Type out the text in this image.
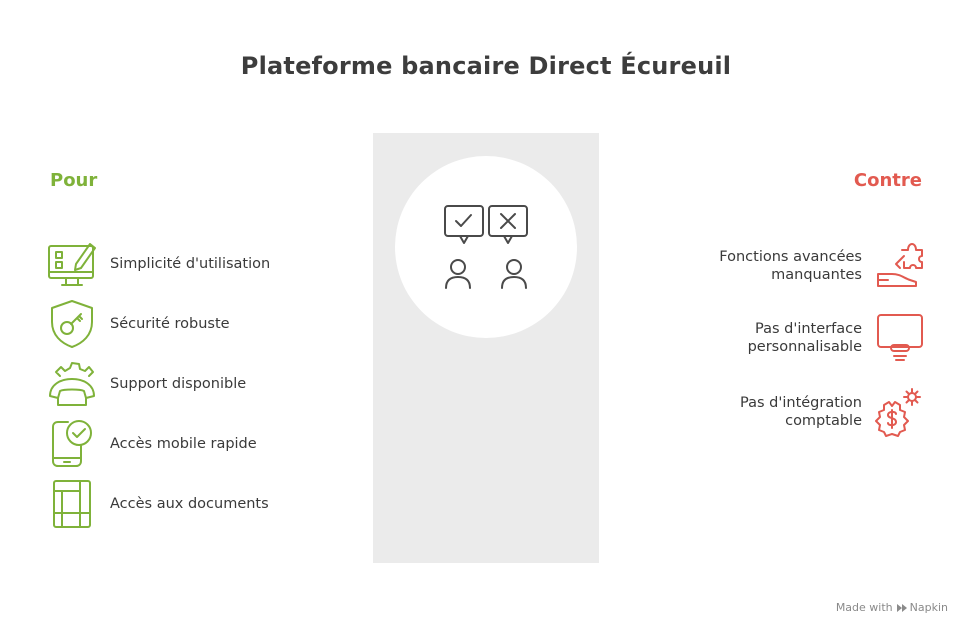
Plateforme bancaire Direct Écureuil
Pour	Contre
Simplicité d'utilisation
Sécurité robuste
Support disponible
Accès mobile rapide
Accès aux documents
Fonctions avancées manquantes
Pas d'interface personnalisable
Pas d'intégration comptable
Made with Napkin
